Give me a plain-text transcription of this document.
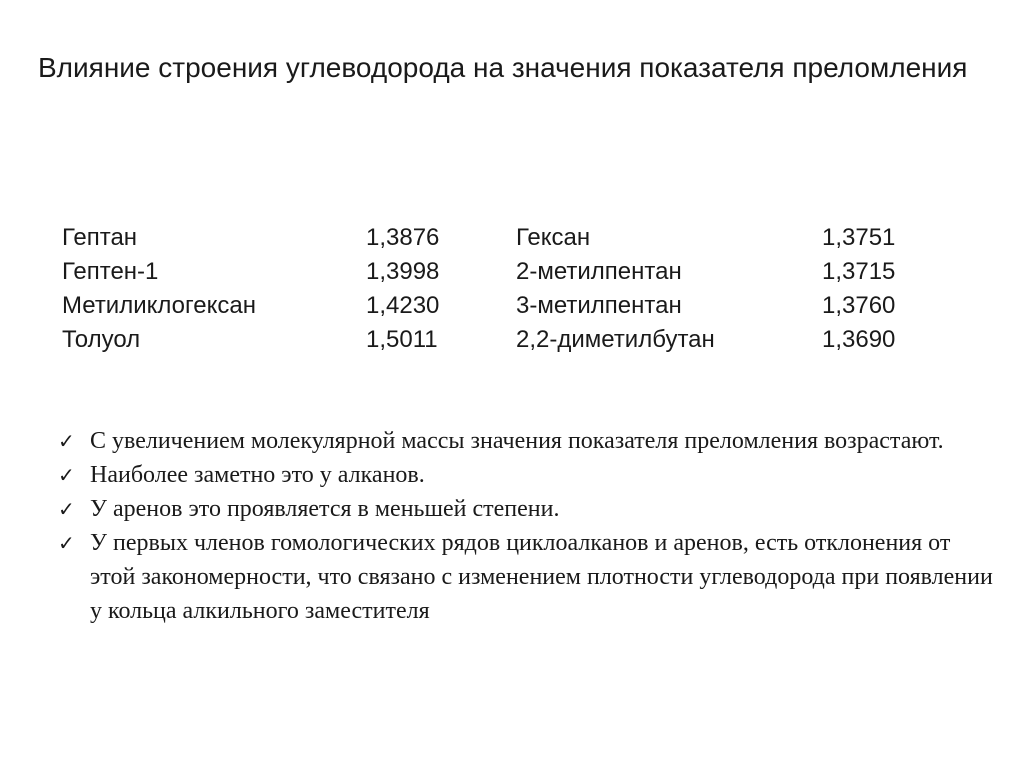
Влияние строения углеводорода на значения показателя преломления
Гептан
Гептен-1
Метиликлогексан
Толуол
1,3876
1,3998
1,4230
1,5011
Гексан
2-метилпентан
3-метилпентан
2,2-диметилбутан
1,3751
1,3715
1,3760
1,3690
✓ С увеличением молекулярной массы значения показателя преломления возрастают.
✓ Наиболее заметно это у алканов.
✓ У аренов это проявляется в меньшей степени.
✓ У первых членов гомологических рядов циклоалканов и аренов, есть отклонения от этой закономерности, что связано с изменением плотности углеводорода при появлении у кольца алкильного заместителя
